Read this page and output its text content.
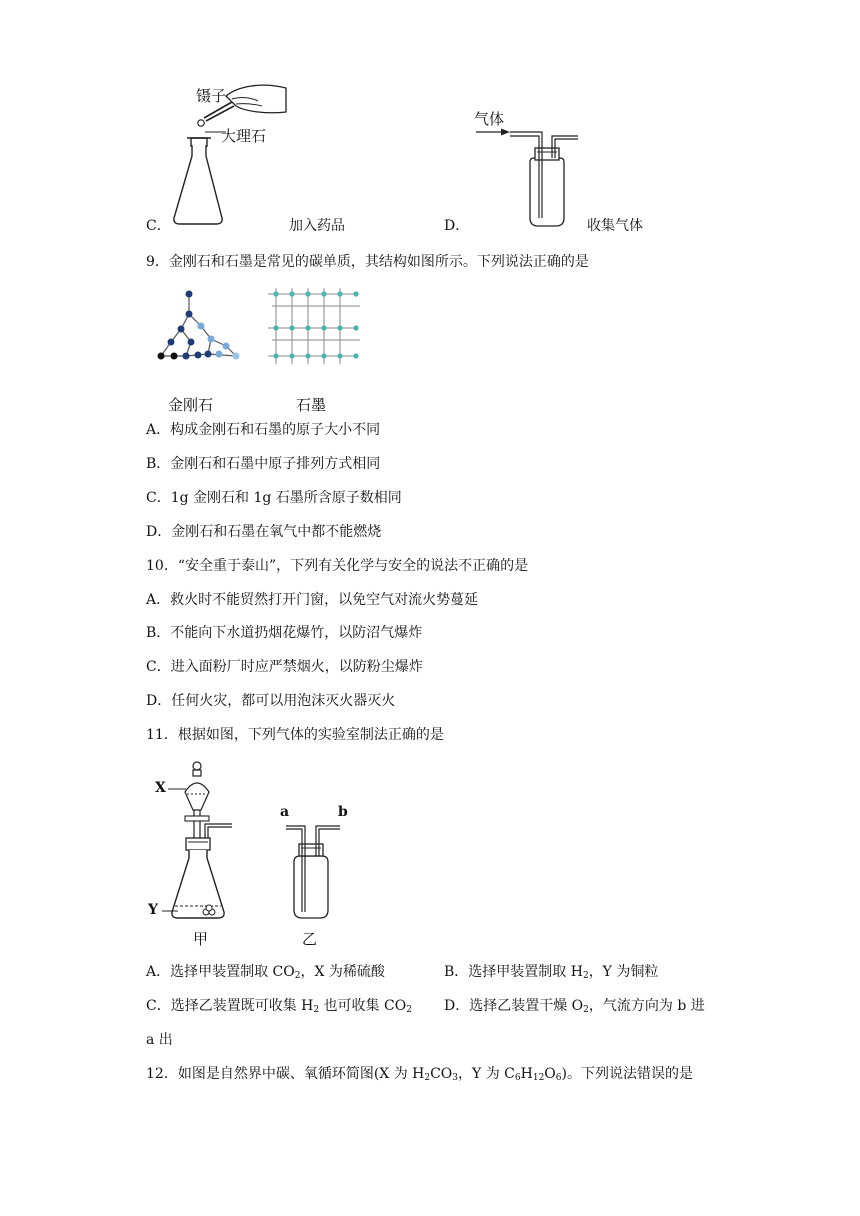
镊子
大理石
C．	加入药品
气体
D．	收集气体
9．金刚石和石墨是常见的碳单质，其结构如图所示。下列说法正确的是
金刚石	石墨
A．构成金刚石和石墨的原子大小不同
B．金刚石和石墨中原子排列方式相同
C．1g 金刚石和 1g 石墨所含原子数相同
D．金刚石和石墨在氧气中都不能燃烧
10．“安全重于泰山”，下列有关化学与安全的说法不正确的是
A．救火时不能贸然打开门窗，以免空气对流火势蔓延
B．不能向下水道扔烟花爆竹，以防沼气爆炸
C．进入面粉厂时应严禁烟火，以防粉尘爆炸
D．任何火灾，都可以用泡沫灭火器灭火
11．根据如图，下列气体的实验室制法正确的是
X
Y
a	b
甲	乙
A．选择甲装置制取 $CO_2$，X 为稀硫酸	B．选择甲装置制取 $H_2$，Y 为铜粒
C．选择乙装置既可收集 $H_2$ 也可收集 $CO_2$ D．选择乙装置干燥 $O_2$，气流方向为 b 进
a 出
12．如图是自然界中碳、氧循环简图(X 为 $H_2CO_3$，Y 为 $C_6H_{12}O_6$)。下列说法错误的是
